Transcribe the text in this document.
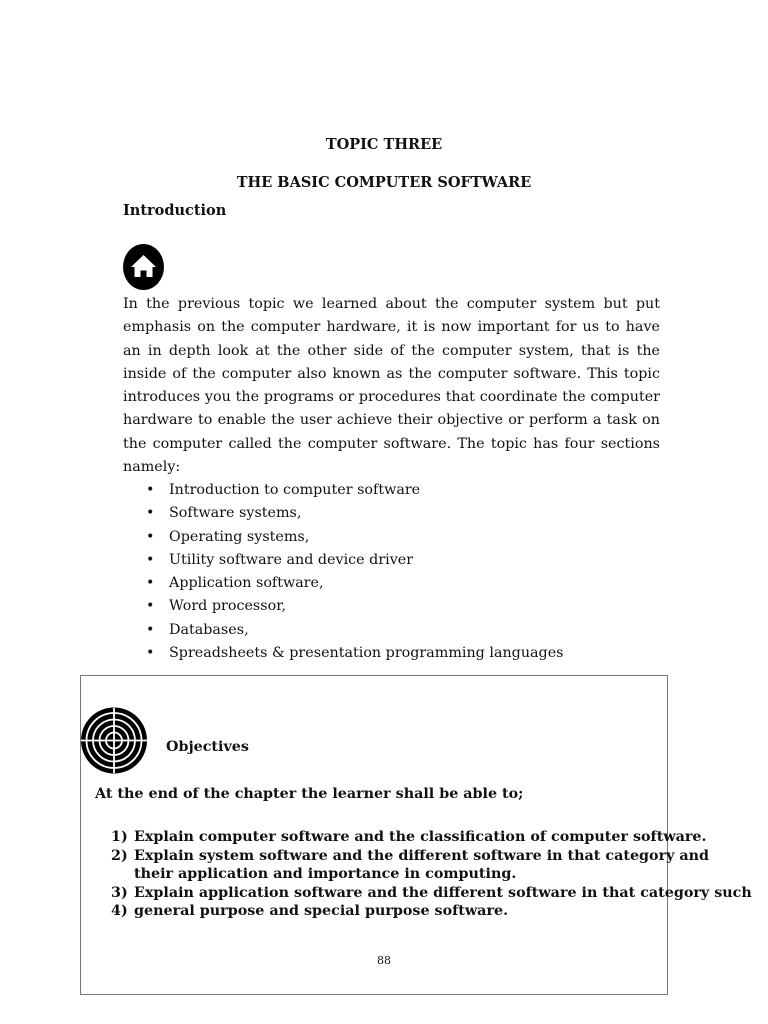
TOPIC THREE
THE BASIC COMPUTER SOFTWARE
Introduction
In the previous topic we learned about the computer system but put emphasis on the computer hardware, it is now important for us to have an in depth look at the other side of the computer system, that is the inside of the computer also known as the computer software. This topic introduces you the programs or procedures that coordinate the computer hardware to enable the user achieve their objective or perform a task on the computer called the computer software. The topic has four sections namely:
• Introduction to computer software
• Software systems,
• Operating systems,
• Utility software and device driver
• Application software,
• Word processor,
• Databases,
• Spreadsheets & presentation programming languages
Objectives
At the end of the chapter the learner shall be able to;
1) Explain computer software and the classification of computer software.
2) Explain system software and the different software in that category and
their application and importance in computing.
3) Explain application software and the different software in that category such
4) general purpose and special purpose software.
88
